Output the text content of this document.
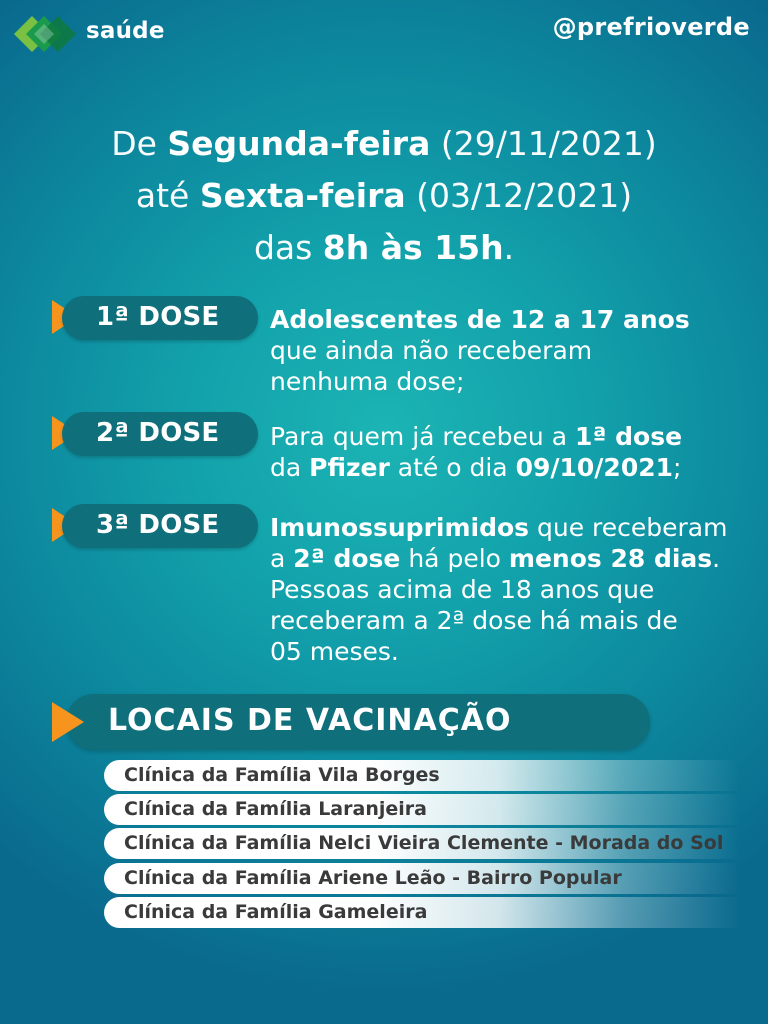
saúde	@prefrioverde
De Segunda-feira (29/11/2021)
até Sexta-feira (03/12/2021)
das 8h às 15h.
1ª DOSE Adolescentes de 12 a 17 anos
que ainda não receberam
nenhuma dose;
2ª DOSE Para quem já recebeu a 1ª dose
da Pfizer até o dia 09/10/2021;
3ª DOSE Imunossuprimidos que receberam
a 2ª dose há pelo menos 28 dias.
Pessoas acima de 18 anos que
receberam a 2ª dose há mais de
05 meses.
LOCAIS DE VACINAÇÃO
Clínica da Família Vila Borges
Clínica da Família Laranjeira
Clínica da Família Nelci Vieira Clemente - Morada do Sol
Clínica da Família Ariene Leão - Bairro Popular
Clínica da Família Gameleira
